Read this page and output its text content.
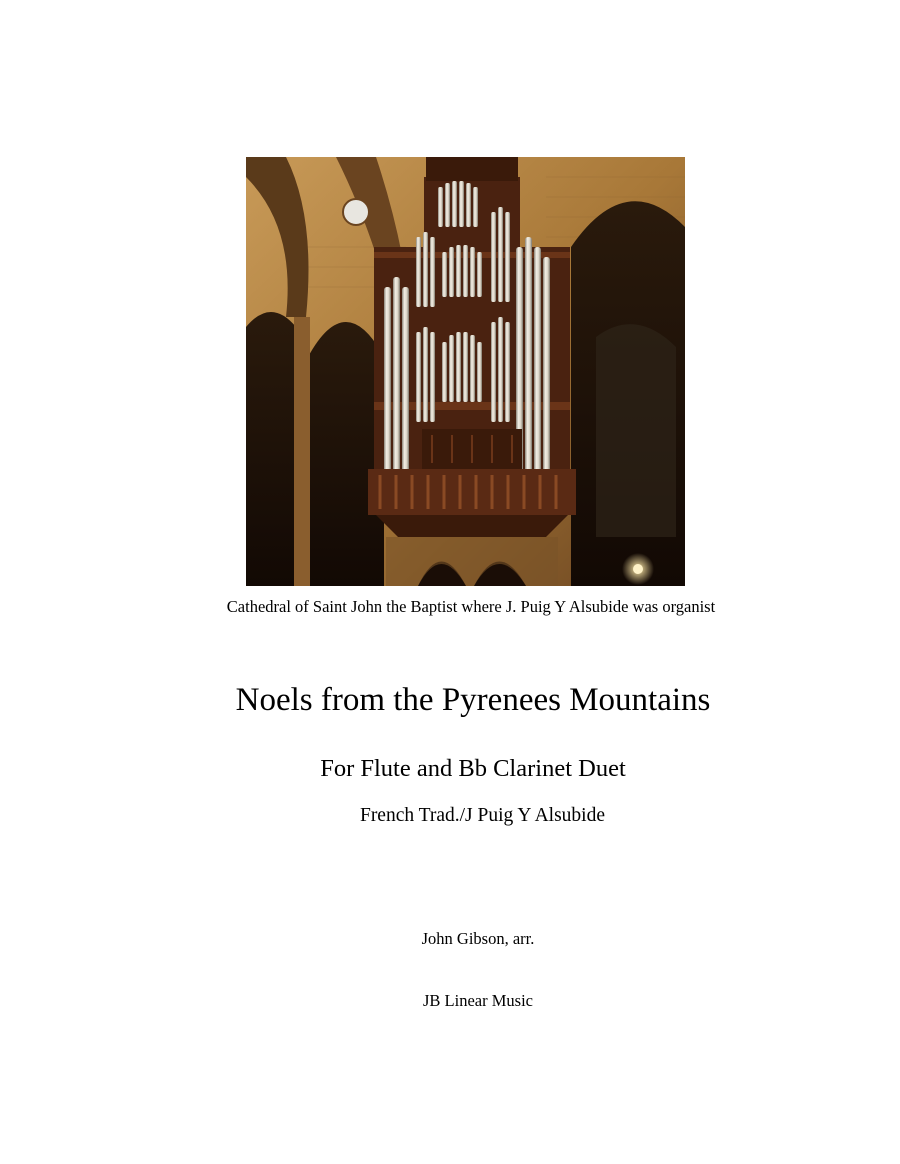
Cathedral of Saint John the Baptist where J. Puig Y Alsubide was organist
Noels from the Pyrenees Mountains
For Flute and Bb Clarinet Duet
French Trad./J Puig Y Alsubide
John Gibson, arr.
JB Linear Music
